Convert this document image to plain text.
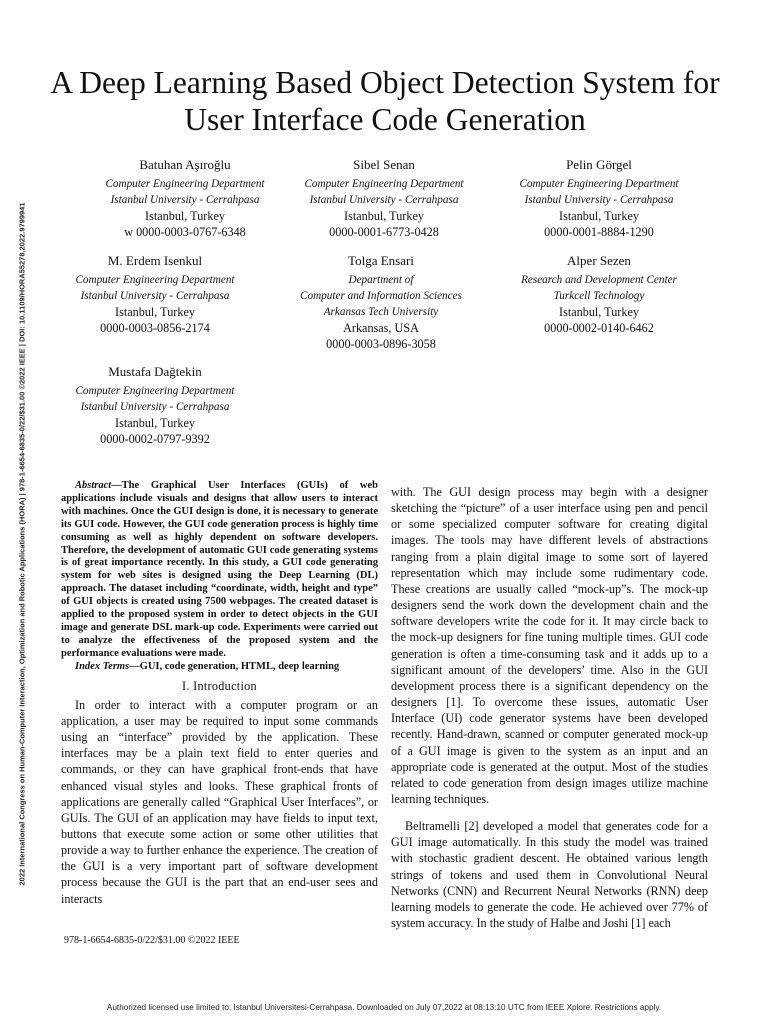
2022 International Congress on Human-Computer Interaction, Optimization and Robotic Applications (HORA) | 978-1-6654-6835-0/22/$31.00 ©2022 IEEE | DOI: 10.1109/HORA55278.2022.9799941
A Deep Learning Based Object Detection System for User Interface Code Generation
Batuhan Aşıroğlu
Computer Engineering Department
Istanbul University - Cerrahpasa
Istanbul, Turkey
w 0000-0003-0767-6348
Sibel Senan
Computer Engineering Department
Istanbul University - Cerrahpasa
Istanbul, Turkey
0000-0001-6773-0428
Pelin Görgel
Computer Engineering Department
Istanbul University - Cerrahpasa
Istanbul, Turkey
0000-0001-8884-1290
M. Erdem Isenkul
Computer Engineering Department
Istanbul University - Cerrahpasa
Istanbul, Turkey
0000-0003-0856-2174
Tolga Ensari
Department of
Computer and Information Sciences
Arkansas Tech University
Arkansas, USA
0000-0003-0896-3058
Alper Sezen
Research and Development Center
Turkcell Technology
Istanbul, Turkey
0000-0002-0140-6462
Mustafa Dağtekin
Computer Engineering Department
Istanbul University - Cerrahpasa
Istanbul, Turkey
0000-0002-0797-9392

Abstract—The Graphical User Interfaces (GUIs) of web applications include visuals and designs that allow users to interact with machines. Once the GUI design is done, it is necessary to generate its GUI code. However, the GUI code generation process is highly time consuming as well as highly dependent on software developers. Therefore, the development of automatic GUI code generating systems is of great importance recently. In this study, a GUI code generating system for web sites is designed using the Deep Learning (DL) approach. The dataset including “coordinate, width, height and type” of GUI objects is created using 7500 webpages. The created dataset is applied to the proposed system in order to detect objects in the GUI image and generate DSL mark-up code. Experiments were carried out to analyze the effectiveness of the proposed system and the performance evaluations were made.

Index Terms—GUI, code generation, HTML, deep learning

I. Introduction

In order to interact with a computer program or an application, a user may be required to input some commands using an “interface” provided by the application. These interfaces may be a plain text field to enter queries and commands, or they can have graphical front-ends that have enhanced visual styles and looks. These graphical fronts of applications are generally called “Graphical User Interfaces”, or GUIs. The GUI of an application may have fields to input text, buttons that execute some action or some other utilities that provide a way to further enhance the experience. The creation of the GUI is a very important part of software development process because the GUI is the part that an end-user sees and interacts

with. The GUI design process may begin with a designer sketching the “picture” of a user interface using pen and pencil or some specialized computer software for creating digital images. The tools may have different levels of abstractions ranging from a plain digital image to some sort of layered representation which may include some rudimentary code. These creations are usually called “mock-up”s. The mock-up designers send the work down the development chain and the software developers write the code for it. It may circle back to the mock-up designers for fine tuning multiple times. GUI code generation is often a time-consuming task and it adds up to a significant amount of the developers’ time. Also in the GUI development process there is a significant dependency on the designers [1]. To overcome these issues, automatic User Interface (UI) code generator systems have been developed recently. Hand-drawn, scanned or computer generated mock-up of a GUI image is given to the system as an input and an appropriate code is generated at the output. Most of the studies related to code generation from design images utilize machine learning techniques.

Beltramelli [2] developed a model that generates code for a GUI image automatically. In this study the model was trained with stochastic gradient descent. He obtained various length strings of tokens and used them in Convolutional Neural Networks (CNN) and Recurrent Neural Networks (RNN) deep learning models to generate the code. He achieved over 77% of system accuracy. In the study of Halbe and Joshi [1] each

978-1-6654-6835-0/22/$31.00 ©2022 IEEE
Authorized licensed use limited to: Istanbul Universitesi-Cerrahpasa. Downloaded on July 07,2022 at 08:13:10 UTC from IEEE Xplore. Restrictions apply.
